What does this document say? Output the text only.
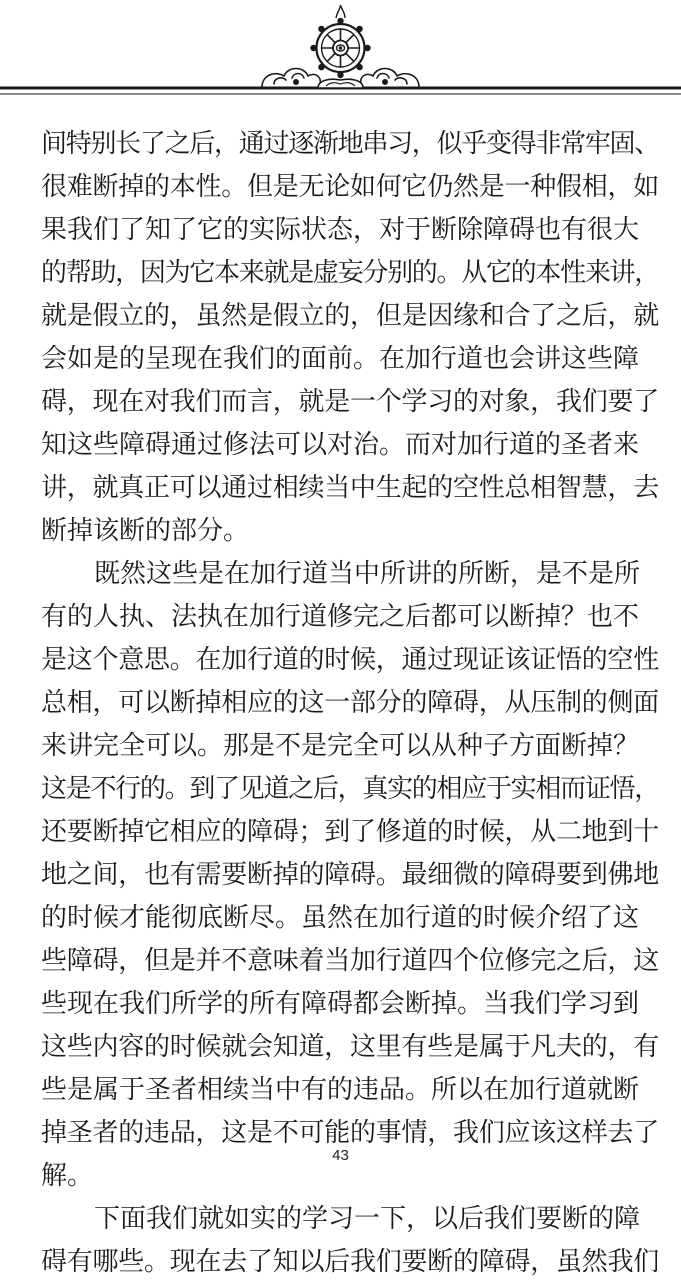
间特别长了之后，通过逐渐地串习，似乎变得非常牢固、
很难断掉的本性。但是无论如何它仍然是一种假相，如
果我们了知了它的实际状态，对于断除障碍也有很大
的帮助，因为它本来就是虚妄分别的。从它的本性来讲，
就是假立的，虽然是假立的，但是因缘和合了之后，就
会如是的呈现在我们的面前。在加行道也会讲这些障
碍，现在对我们而言，就是一个学习的对象，我们要了
知这些障碍通过修法可以对治。而对加行道的圣者来
讲，就真正可以通过相续当中生起的空性总相智慧，去
断掉该断的部分。
既然这些是在加行道当中所讲的所断，是不是所
有的人执、法执在加行道修完之后都可以断掉？也不
是这个意思。在加行道的时候，通过现证该证悟的空性
总相，可以断掉相应的这一部分的障碍，从压制的侧面
来讲完全可以。那是不是完全可以从种子方面断掉？
这是不行的。到了见道之后，真实的相应于实相而证悟，
还要断掉它相应的障碍；到了修道的时候，从二地到十
地之间，也有需要断掉的障碍。最细微的障碍要到佛地
的时候才能彻底断尽。虽然在加行道的时候介绍了这
些障碍，但是并不意味着当加行道四个位修完之后，这
些现在我们所学的所有障碍都会断掉。当我们学习到
这些内容的时候就会知道，这里有些是属于凡夫的，有
些是属于圣者相续当中有的违品。所以在加行道就断
掉圣者的违品，这是不可能的事情，我们应该这样去了
解。
下面我们就如实的学习一下，以后我们要断的障
碍有哪些。现在去了知以后我们要断的障碍，虽然我们
43
